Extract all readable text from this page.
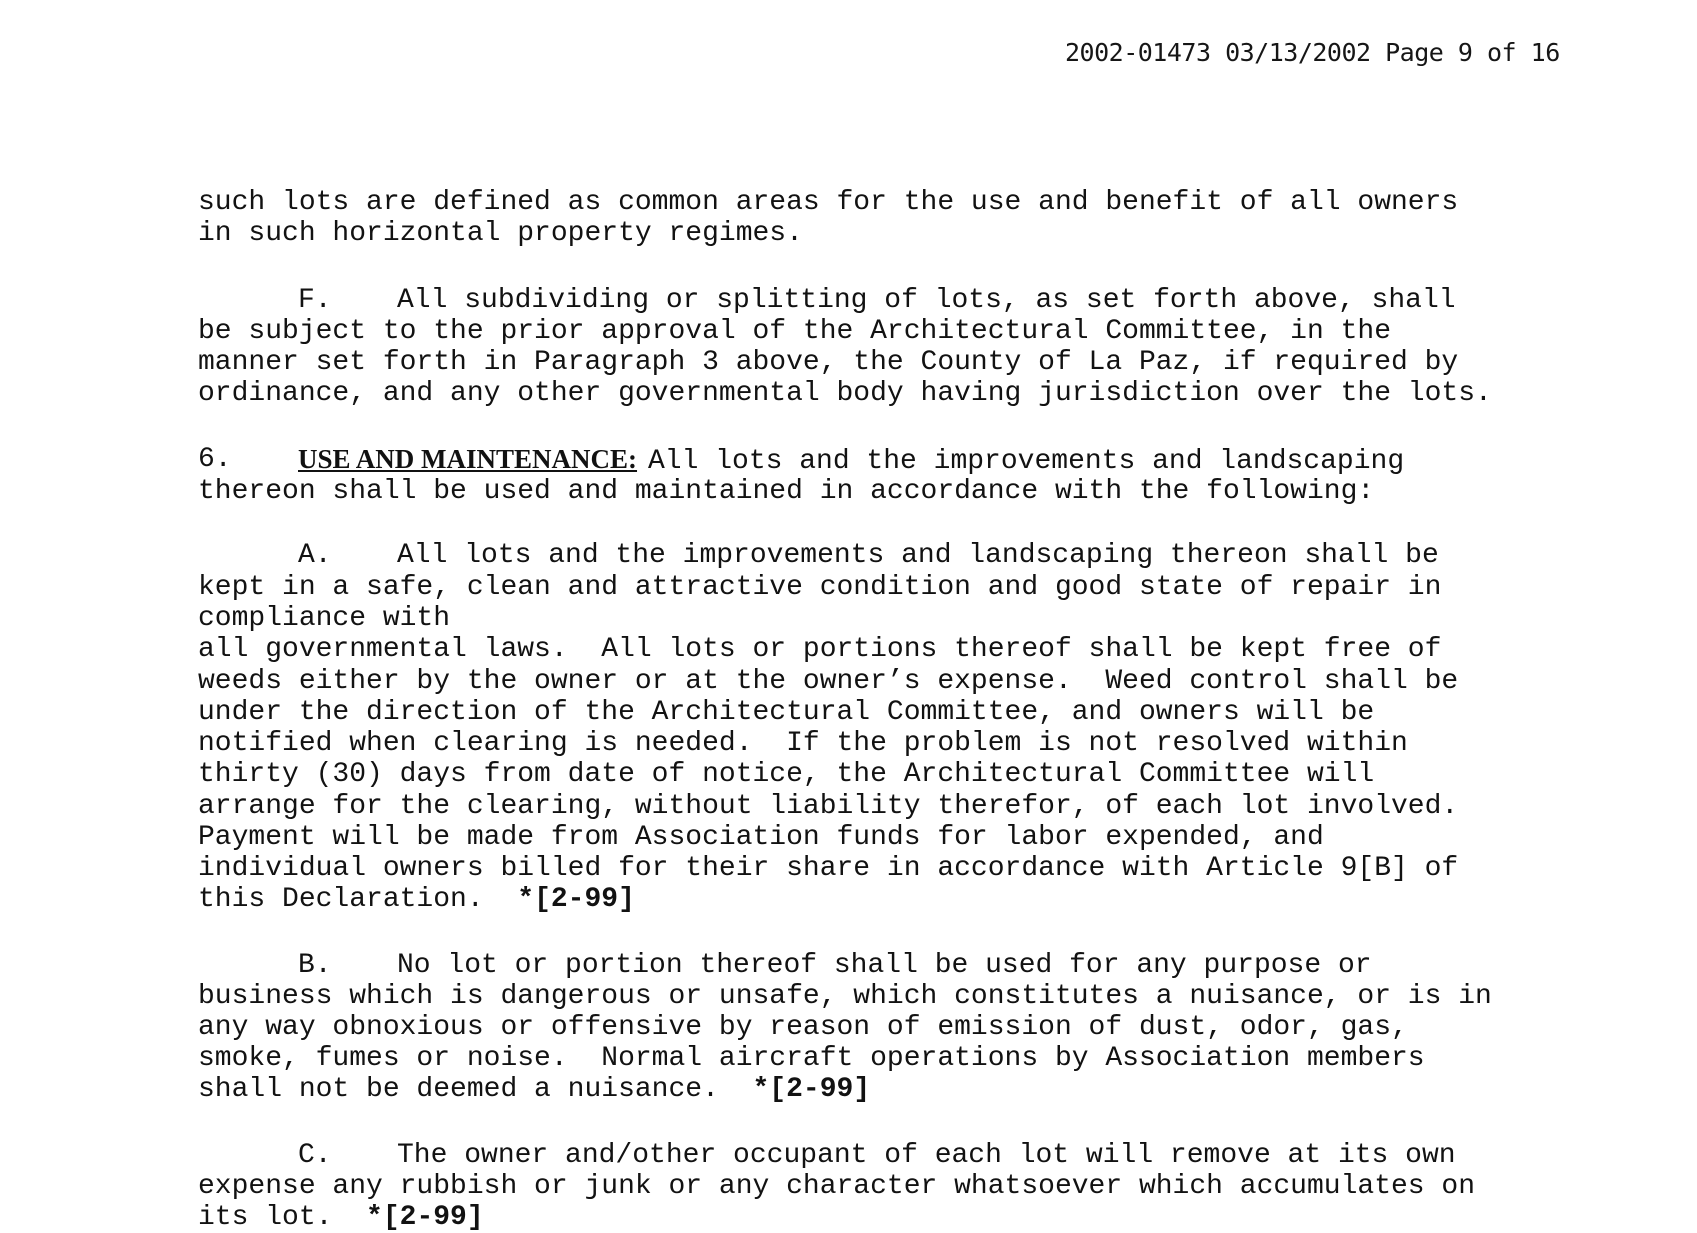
2002-01473 03/13/2002 Page 9 of 16
such lots are defined as common areas for the use and benefit of all owners
in such horizontal property regimes.
F. All subdividing or splitting of lots, as set forth above, shall
be subject to the prior approval of the Architectural Committee, in the
manner set forth in Paragraph 3 above, the County of La Paz, if required by
ordinance, and any other governmental body having jurisdiction over the lots.
6. USE AND MAINTENANCE: All lots and the improvements and landscaping
thereon shall be used and maintained in accordance with the following:
A. All lots and the improvements and landscaping thereon shall be
kept in a safe, clean and attractive condition and good state of repair in
compliance with
all governmental laws.  All lots or portions thereof shall be kept free of
weeds either by the owner or at the owner’s expense.  Weed control shall be
under the direction of the Architectural Committee, and owners will be
notified when clearing is needed.  If the problem is not resolved within
thirty (30) days from date of notice, the Architectural Committee will
arrange for the clearing, without liability therefor, of each lot involved.
Payment will be made from Association funds for labor expended, and
individual owners billed for their share in accordance with Article 9[B] of
this Declaration.  *[2-99]
B. No lot or portion thereof shall be used for any purpose or
business which is dangerous or unsafe, which constitutes a nuisance, or is in
any way obnoxious or offensive by reason of emission of dust, odor, gas,
smoke, fumes or noise.  Normal aircraft operations by Association members
shall not be deemed a nuisance.  *[2-99]
C. The owner and/other occupant of each lot will remove at its own
expense any rubbish or junk or any character whatsoever which accumulates on
its lot.  *[2-99]
